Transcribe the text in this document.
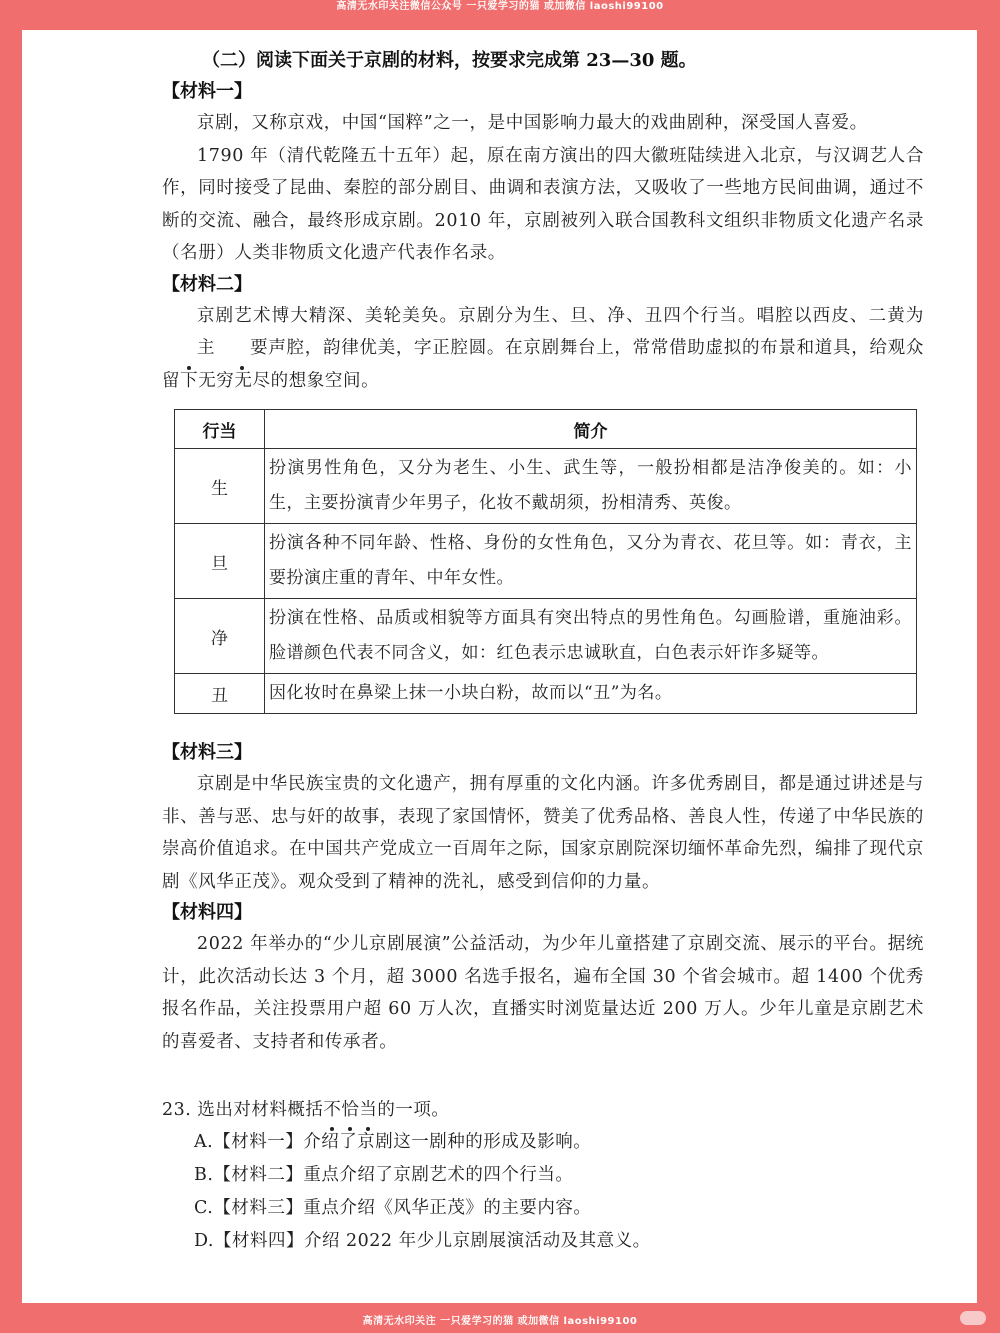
高清无水印关注微信公众号 一只爱学习的猫 或加微信 laoshi99100
（二）阅读下面关于京剧的材料，按要求完成第 23—30 题。
【材料一】

京剧，又称京戏，中国“国粹”之一，是中国影响力最大的戏曲剧种，深受国人喜爱。

1790 年（清代乾隆五十五年）起，原在南方演出的四大徽班陆续进入北京，与汉调艺人合作，同时接受了昆曲、秦腔的部分剧目、曲调和表演方法，又吸收了一些地方民间曲调，通过不断的交流、融合，最终形成京剧。2010 年，京剧被列入联合国教科文组织非物质文化遗产名录（名册）人类非物质文化遗产代表作名录。

【材料二】

京剧艺术博大精深、美轮美奂。京剧分为生、旦、净、丑四个行当。唱腔以西皮、二黄为主 要声腔，韵律优美，字正腔圆。在京剧舞台上，常常借助虚拟的布景和道具，给观众留下无穷无尽的想象空间。

行当	简介
生	扮演男性角色，又分为老生、小生、武生等，一般扮相都是洁净俊美的。如：小生，主要扮演青少年男子，化妆不戴胡须，扮相清秀、英俊。
旦	扮演各种不同年龄、性格、身份的女性角色，又分为青衣、花旦等。如：青衣，主要扮演庄重的青年、中年女性。
净	扮演在性格、品质或相貌等方面具有突出特点的男性角色。勾画脸谱，重施油彩。脸谱颜色代表不同含义，如：红色表示忠诚耿直，白色表示奸诈多疑等。
丑	因化妆时在鼻梁上抹一小块白粉，故而以“丑”为名。
【材料三】

京剧是中华民族宝贵的文化遗产，拥有厚重的文化内涵。许多优秀剧目，都是通过讲述是与非、善与恶、忠与奸的故事，表现了家国情怀，赞美了优秀品格、善良人性，传递了中华民族的崇高价值追求。在中国共产党成立一百周年之际，国家京剧院深切缅怀革命先烈，编排了现代京剧《风华正茂》。观众受到了精神的洗礼，感受到信仰的力量。

【材料四】

2022 年举办的“少儿京剧展演”公益活动，为少年儿童搭建了京剧交流、展示的平台。据统计，此次活动长达 3 个月，超 3000 名选手报名，遍布全国 30 个省会城市。超 1400 个优秀报名作品，关注投票用户超 60 万人次，直播实时浏览量达近 200 万人。少年儿童是京剧艺术的喜爱者、支持者和传承者。

23. 选出对材料概括不恰当的一项。
A.【材料一】介绍了京剧这一剧种的形成及影响。
B.【材料二】重点介绍了京剧艺术的四个行当。
C.【材料三】重点介绍《风华正茂》的主要内容。
D.【材料四】介绍 2022 年少儿京剧展演活动及其意义。
高清无水印关注 一只爱学习的猫 或加微信 laoshi99100
